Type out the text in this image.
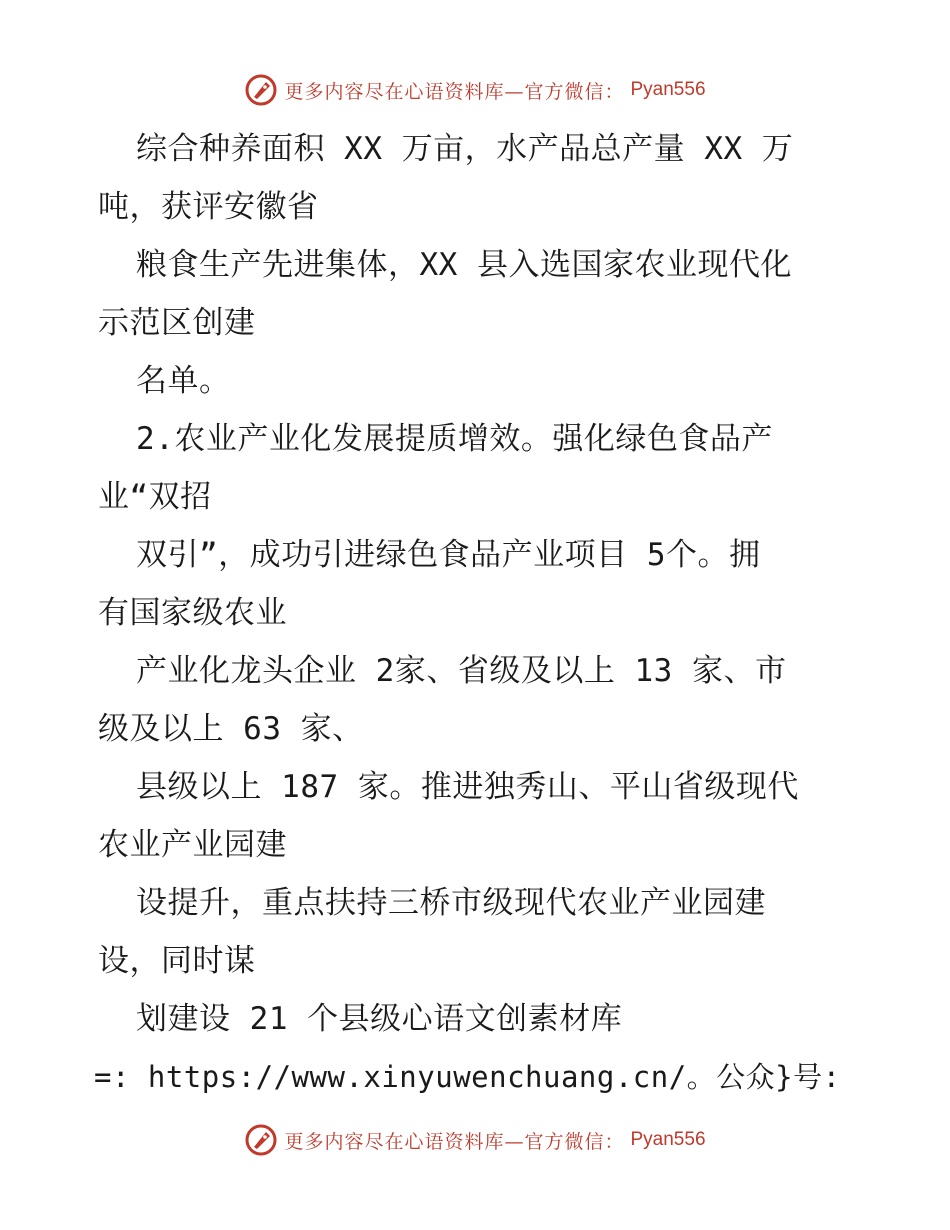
更多内容尽在心语资料库—官方微信： Pyan556
综合种养面积 XX 万亩，水产品总产量 XX 万
吨，获评安徽省
粮食生产先进集体，XX 县入选国家农业现代化
示范区创建
名单。
2.农业产业化发展提质增效。强化绿色食品产
业“双招
双引”，成功引进绿色食品产业项目 5个。拥
有国家级农业
产业化龙头企业 2家、省级及以上 13 家、市
级及以上 63 家、
县级以上 187 家。推进独秀山、平山省级现代
农业产业园建
设提升，重点扶持三桥市级现代农业产业园建
设，同时谋
划建设 21 个县级心语文创素材库
=: https://www.xinyuwenchuang.cn/。公众}号:
更多内容尽在心语资料库—官方微信： Pyan556
